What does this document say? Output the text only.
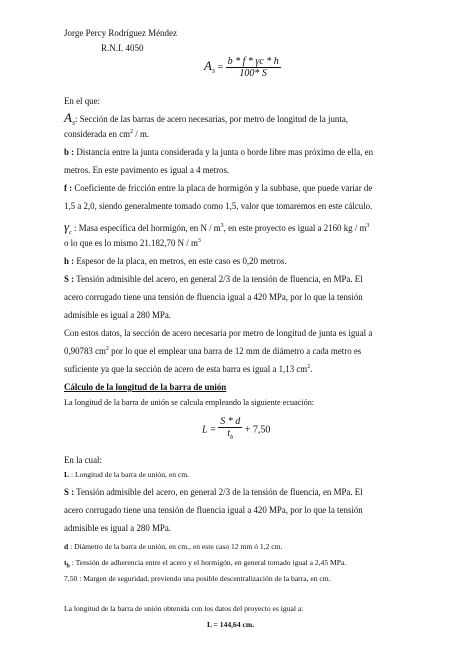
Jorge Percy Rodríguez Méndez
R.N.I. 4050
$A_S = \frac{b * f * \gamma c * h}{100* S}$
En el que:
$A_S$: Sección de las barras de acero necesarias, por metro de longitud de la junta,
considerada en $cm^2$ / m.
b : Distancia entre la junta considerada y la junta o borde libre mas próximo de ella, en
metros. En este pavimento es igual a 4 metros.
f : Coeficiente de fricción entre la placa de hormigón y la subbase, que puede variar de
1,5 a 2,0, siendo generalmente tomado como 1,5, valor que tomaremos en este cálculo.
$\gamma_c$ : Masa específica del hormigón, en N / $m^3$, en este proyecto es igual a 2160 kg / $m^3$
o lo que es lo mismo 21.182,70 N / $m^3$
h : Espesor de la placa, en metros, en este caso es 0,20 metros.
S : Tensión admisible del acero, en general 2/3 de la tensión de fluencia, en MPa. El
acero corrugado tiene una tensión de fluencia igual a 420 MPa, por lo que la tensión
admisible es igual a 280 MPa.
Con estos datos, la sección de acero necesaria por metro de longitud de junta es igual a
0,90783 $cm^2$ por lo que el emplear una barra de 12 mm de diámetro a cada metro es
suficiente ya que la sección de acero de esta barra es igual a 1,13 $cm^2$.
Cálculo de la longitud de la barra de unión
La longitud de la barra de unión se calcula empleando la siguiente ecuación:
$L = \frac{S * d}{t_b} + 7,50$
En la cual:
L : Longitud de la barra de unión, en cm.
S : Tensión admisible del acero, en general 2/3 de la tensión de fluencia, en MPa. El
acero corrugado tiene una tensión de fluencia igual a 420 MPa, por lo que la tensión
admisible es igual a 280 MPa.
d : Diámetro de la barra de unión, en cm., en este caso 12 mm ó 1,2 cm.
$t_b$ : Tensión de adherencia entre el acero y el hormigón, en general tomado igual a 2,45 MPa.
7,50 : Margen de seguridad, previendo una posible descentralización de la barra, en cm.
La longitud de la barra de unión obtenida con los datos del proyecto es igual a:
L = 144,64 cm.
